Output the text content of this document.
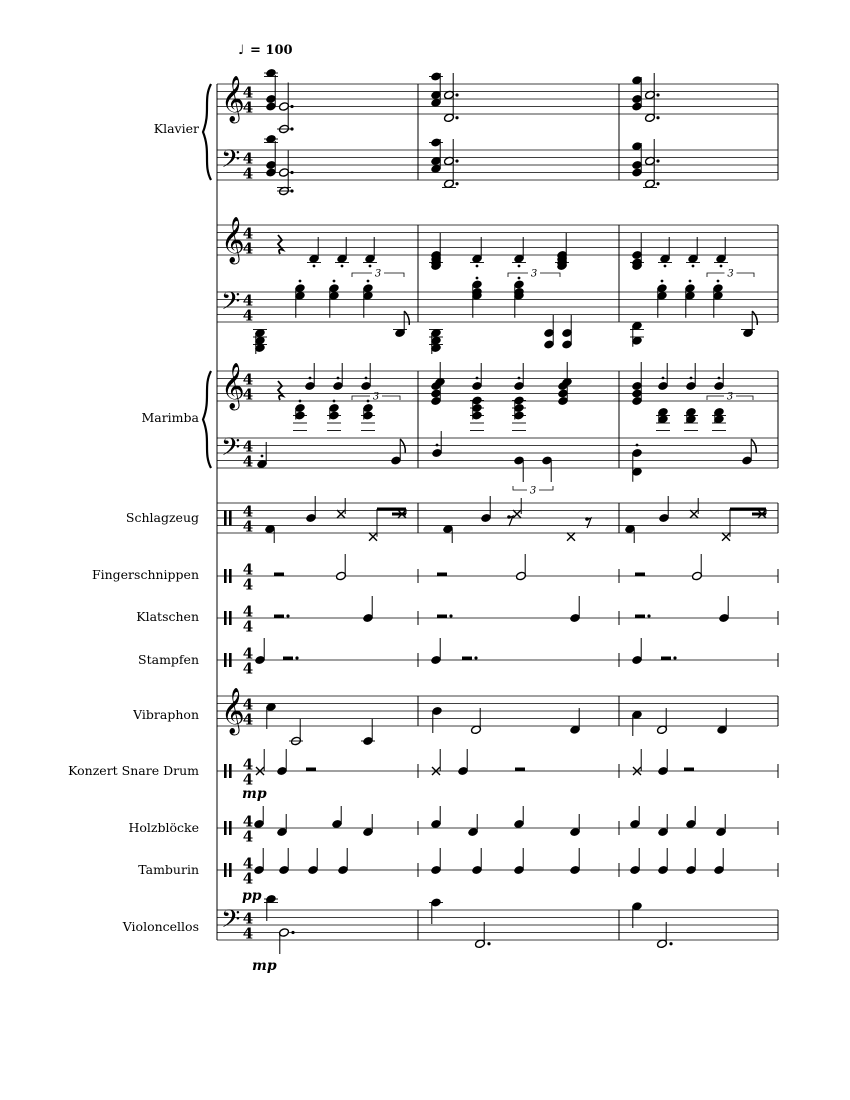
♩ = 100
Klavier
Marimba
Schlagzeug
Fingerschnippen
Klatschen
Stampfen
Vibraphon
Konzert Snare Drum
Holzblöcke
Tamburin
Violoncellos
mp
pp
mp
𝄞
4
4
𝄢 4
4
𝄞
4
4
𝄢 4
4
𝄞
4
4
𝄢 4
4
4
4
𝄞
4
4
𝄢 4
4
4
4
4
4
4
4
4
4
4
4
4
4
3	3	3
3
3
3
